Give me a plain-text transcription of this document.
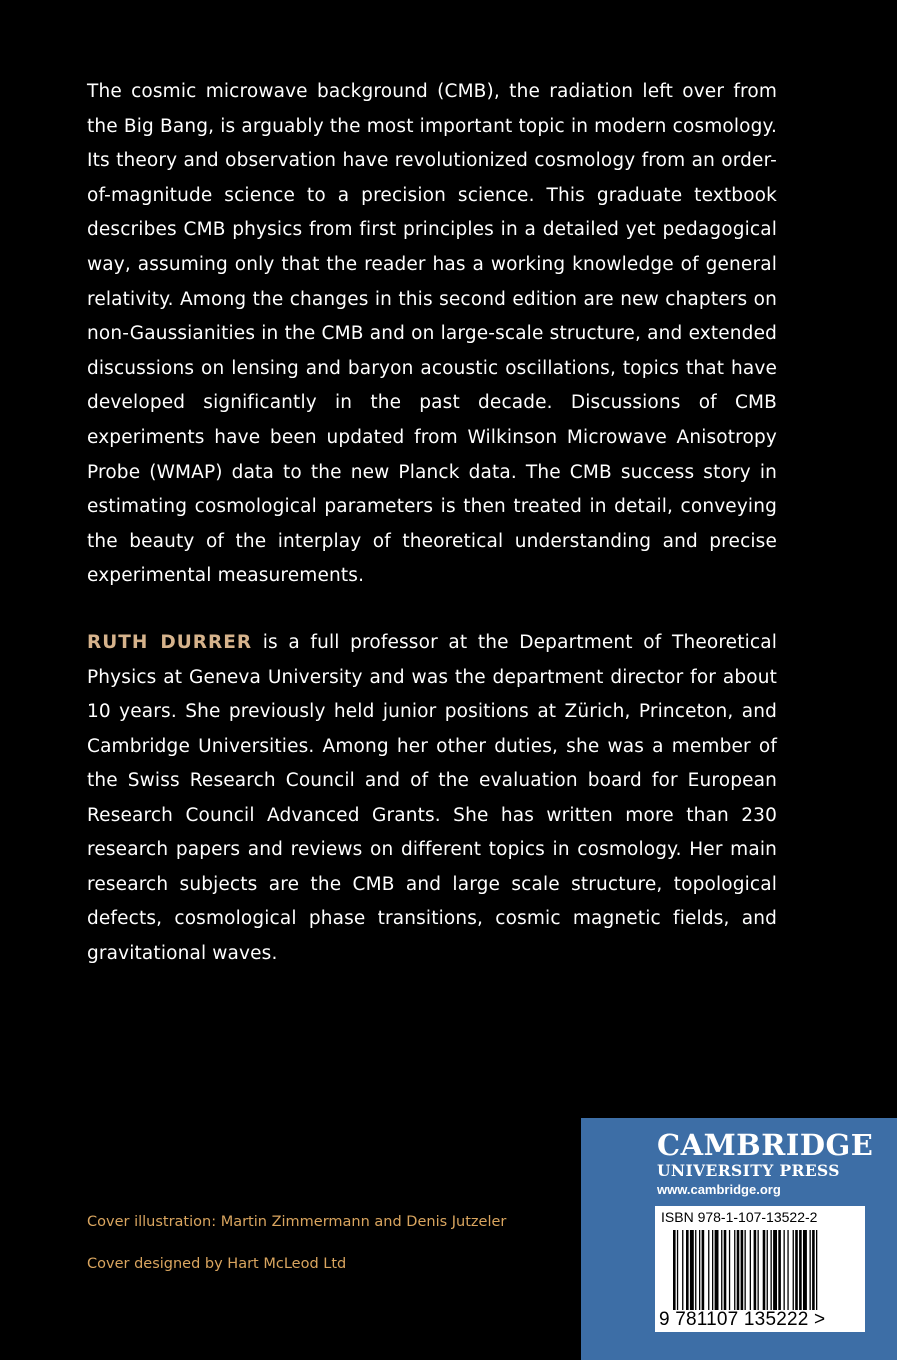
The cosmic microwave background (CMB), the radiation left over from the Big Bang, is arguably the most important topic in modern cosmology. Its theory and observation have revolutionized cosmology from an order-of-magnitude science to a precision science. This graduate textbook describes CMB physics from first principles in a detailed yet pedagogical way, assuming only that the reader has a working knowledge of general relativity. Among the changes in this second edition are new chapters on non-Gaussianities in the CMB and on large-scale structure, and extended discussions on lensing and baryon acoustic oscillations, topics that have developed significantly in the past decade. Discussions of CMB experiments have been updated from Wilkinson Microwave Anisotropy Probe (WMAP) data to the new Planck data. The CMB success story in estimating cosmological parameters is then treated in detail, conveying the beauty of the interplay of theoretical understanding and precise experimental measurements.

RUTH DURRER is a full professor at the Department of Theoretical Physics at Geneva University and was the department director for about 10 years. She previously held junior positions at Zürich, Princeton, and Cambridge Universities. Among her other duties, she was a member of the Swiss Research Council and of the evaluation board for European Research Council Advanced Grants. She has written more than 230 research papers and reviews on different topics in cosmology. Her main research subjects are the CMB and large scale structure, topological defects, cosmological phase transitions, cosmic magnetic fields, and gravitational waves.

Cover illustration: Martin Zimmermann and Denis Jutzeler

Cover designed by Hart McLeod Ltd

CAMBRIDGE

UNIVERSITY PRESS

www.cambridge.org

ISBN 978-1-107-13522-2

9 781107 135222 >
